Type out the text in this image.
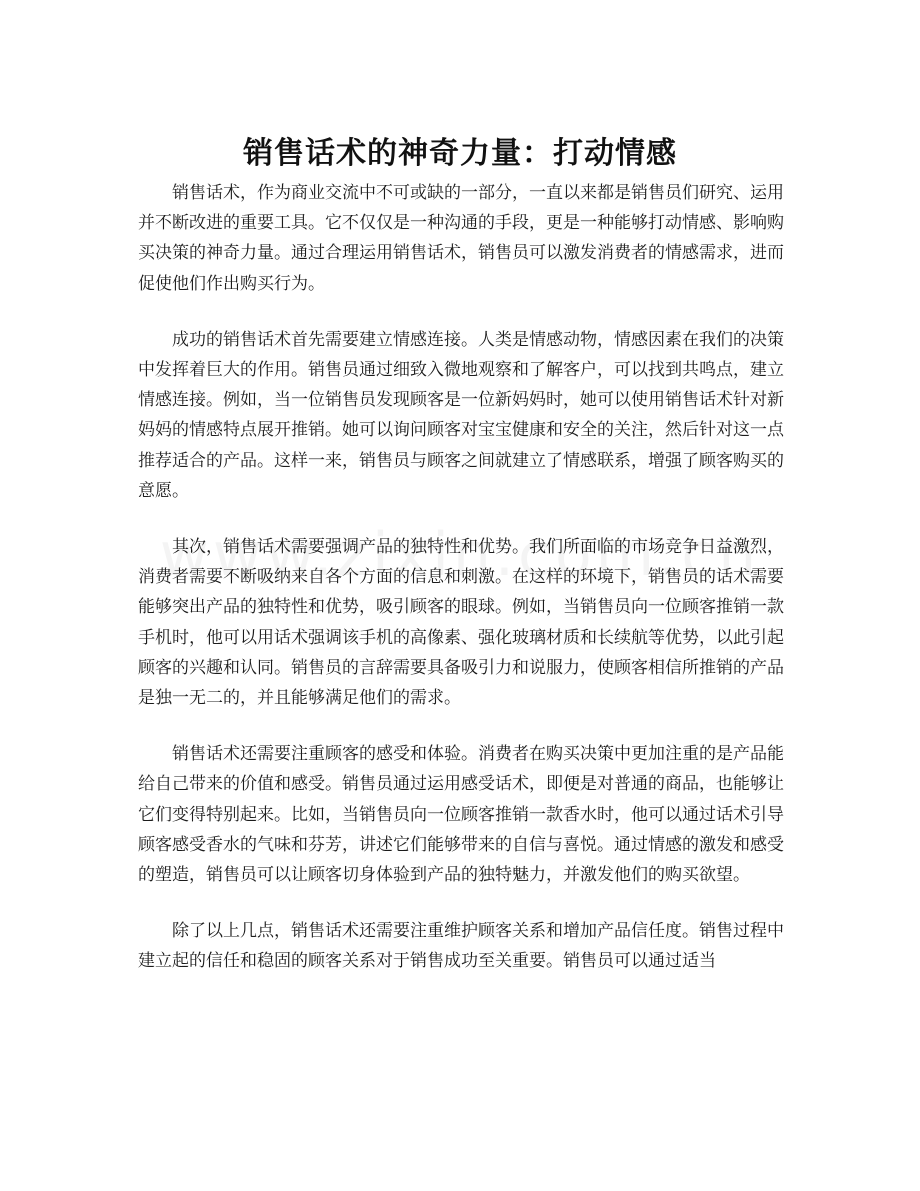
销售话术的神奇力量：打动情感

销售话术，作为商业交流中不可或缺的一部分，一直以来都是销售员们研究、运用并不断改进的重要工具。它不仅仅是一种沟通的手段，更是一种能够打动情感、影响购买决策的神奇力量。通过合理运用销售话术，销售员可以激发消费者的情感需求，进而促使他们作出购买行为。

成功的销售话术首先需要建立情感连接。人类是情感动物，情感因素在我们的决策中发挥着巨大的作用。销售员通过细致入微地观察和了解客户，可以找到共鸣点，建立情感连接。例如，当一位销售员发现顾客是一位新妈妈时，她可以使用销售话术针对新妈妈的情感特点展开推销。她可以询问顾客对宝宝健康和安全的关注，然后针对这一点推荐适合的产品。这样一来，销售员与顾客之间就建立了情感联系，增强了顾客购买的意愿。

其次，销售话术需要强调产品的独特性和优势。我们所面临的市场竞争日益激烈，消费者需要不断吸纳来自各个方面的信息和刺激。在这样的环境下，销售员的话术需要能够突出产品的独特性和优势，吸引顾客的眼球。例如，当销售员向一位顾客推销一款手机时，他可以用话术强调该手机的高像素、强化玻璃材质和长续航等优势，以此引起顾客的兴趣和认同。销售员的言辞需要具备吸引力和说服力，使顾客相信所推销的产品是独一无二的，并且能够满足他们的需求。

销售话术还需要注重顾客的感受和体验。消费者在购买决策中更加注重的是产品能给自己带来的价值和感受。销售员通过运用感受话术，即便是对普通的商品，也能够让它们变得特别起来。比如，当销售员向一位顾客推销一款香水时，他可以通过话术引导顾客感受香水的气味和芬芳，讲述它们能够带来的自信与喜悦。通过情感的激发和感受的塑造，销售员可以让顾客切身体验到产品的独特魅力，并激发他们的购买欲望。

除了以上几点，销售话术还需要注重维护顾客关系和增加产品信任度。销售过程中建立起的信任和稳固的顾客关系对于销售成功至关重要。销售员可以通过适当
